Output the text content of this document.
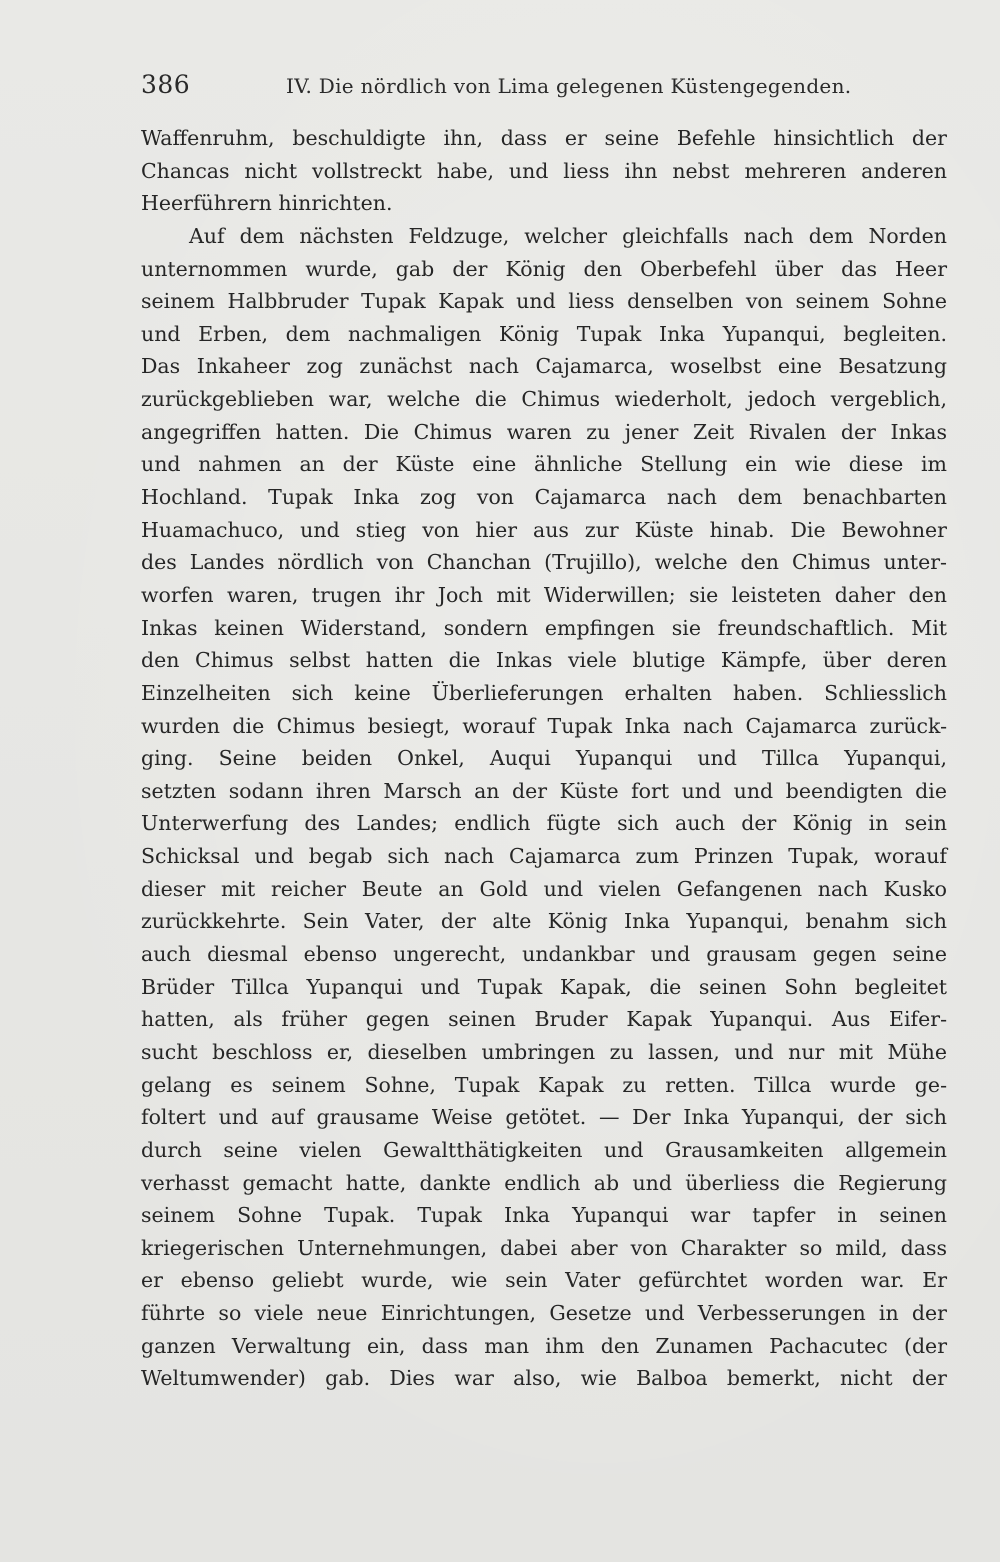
386	IV. Die nördlich von Lima gelegenen Küstengegenden.
Waffenruhm, beschuldigte ihn, dass er seine Befehle hinsichtlich der
Chancas nicht vollstreckt habe, und liess ihn nebst mehreren anderen
Heerführern hinrichten.
Auf dem nächsten Feldzuge, welcher gleichfalls nach dem Norden
unternommen wurde, gab der König den Oberbefehl über das Heer
seinem Halbbruder Tupak Kapak und liess denselben von seinem Sohne
und Erben, dem nachmaligen König Tupak Inka Yupanqui, begleiten.
Das Inkaheer zog zunächst nach Cajamarca, woselbst eine Besatzung
zurückgeblieben war, welche die Chimus wiederholt, jedoch vergeblich,
angegriffen hatten. Die Chimus waren zu jener Zeit Rivalen der Inkas
und nahmen an der Küste eine ähnliche Stellung ein wie diese im
Hochland. Tupak Inka zog von Cajamarca nach dem benachbarten
Huamachuco, und stieg von hier aus zur Küste hinab. Die Bewohner
des Landes nördlich von Chanchan (Trujillo), welche den Chimus unter-
worfen waren, trugen ihr Joch mit Widerwillen; sie leisteten daher den
Inkas keinen Widerstand, sondern empfingen sie freundschaftlich. Mit
den Chimus selbst hatten die Inkas viele blutige Kämpfe, über deren
Einzelheiten sich keine Überlieferungen erhalten haben. Schliesslich
wurden die Chimus besiegt, worauf Tupak Inka nach Cajamarca zurück-
ging. Seine beiden Onkel, Auqui Yupanqui und Tillca Yupanqui,
setzten sodann ihren Marsch an der Küste fort und und beendigten die
Unterwerfung des Landes; endlich fügte sich auch der König in sein
Schicksal und begab sich nach Cajamarca zum Prinzen Tupak, worauf
dieser mit reicher Beute an Gold und vielen Gefangenen nach Kusko
zurückkehrte. Sein Vater, der alte König Inka Yupanqui, benahm sich
auch diesmal ebenso ungerecht, undankbar und grausam gegen seine
Brüder Tillca Yupanqui und Tupak Kapak, die seinen Sohn begleitet
hatten, als früher gegen seinen Bruder Kapak Yupanqui. Aus Eifer-
sucht beschloss er, dieselben umbringen zu lassen, und nur mit Mühe
gelang es seinem Sohne, Tupak Kapak zu retten. Tillca wurde ge-
foltert und auf grausame Weise getötet. — Der Inka Yupanqui, der sich
durch seine vielen Gewaltthätigkeiten und Grausamkeiten allgemein
verhasst gemacht hatte, dankte endlich ab und überliess die Regierung
seinem Sohne Tupak. Tupak Inka Yupanqui war tapfer in seinen
kriegerischen Unternehmungen, dabei aber von Charakter so mild, dass
er ebenso geliebt wurde, wie sein Vater gefürchtet worden war. Er
führte so viele neue Einrichtungen, Gesetze und Verbesserungen in der
ganzen Verwaltung ein, dass man ihm den Zunamen Pachacutec (der
Weltumwender) gab. Dies war also, wie Balboa bemerkt, nicht der
